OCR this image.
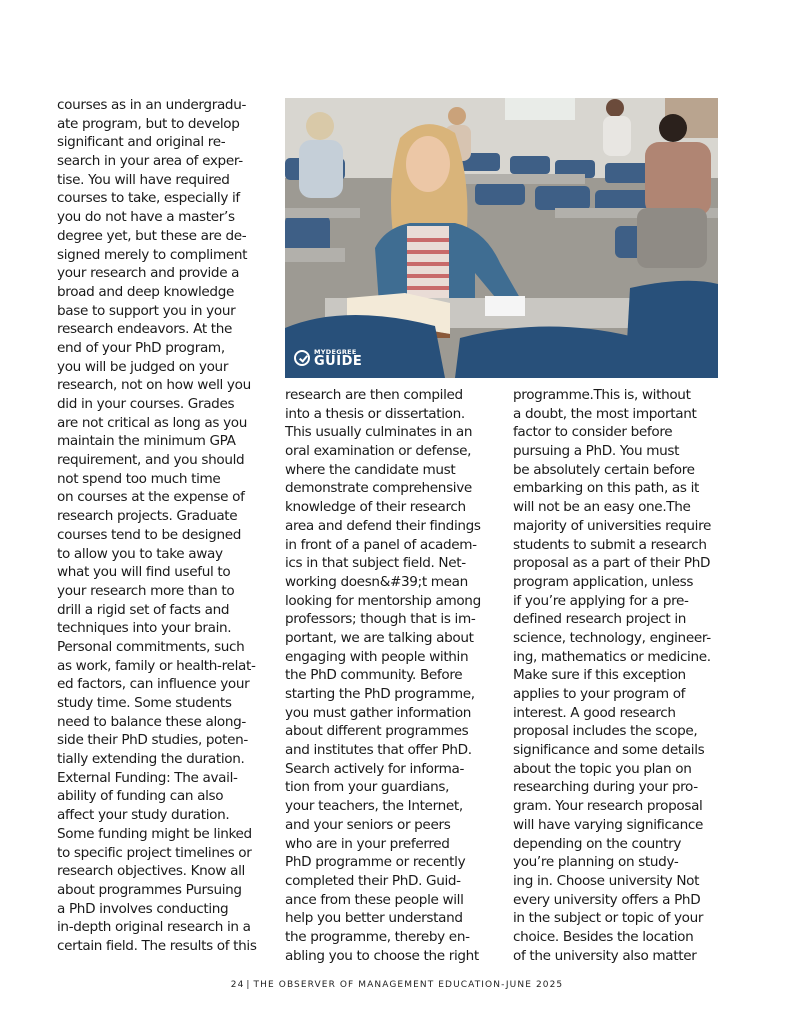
courses as in an undergradu-
ate program, but to develop
significant and original re-
search in your area of exper-
tise. You will have required
courses to take, especially if
you do not have a master’s
degree yet, but these are de-
signed merely to compliment
your research and provide a
broad and deep knowledge
base to support you in your
research endeavors. At the
end of your PhD program,
you will be judged on your
research, not on how well you
did in your courses. Grades
are not critical as long as you
maintain the minimum GPA
requirement, and you should
not spend too much time
on courses at the expense of
research projects. Graduate
courses tend to be designed
to allow you to take away
what you will find useful to
your research more than to
drill a rigid set of facts and
techniques into your brain.
Personal commitments, such
as work, family or health-relat-
ed factors, can influence your
study time. Some students
need to balance these along-
side their PhD studies, poten-
tially extending the duration.
External Funding: The avail-
ability of funding can also
affect your study duration.
Some funding might be linked
to specific project timelines or
research objectives. Know all
about programmes Pursuing
a PhD involves conducting
in-depth original research in a
certain field. The results of this
MYDEGREE
GUIDE
research are then compiled
into a thesis or dissertation.
This usually culminates in an
oral examination or defense,
where the candidate must
demonstrate comprehensive
knowledge of their research
area and defend their findings
in front of a panel of academ-
ics in that subject field. Net-
working doesn&#39;t mean
looking for mentorship among
professors; though that is im-
portant, we are talking about
engaging with people within
the PhD community. Before
starting the PhD programme,
you must gather information
about different programmes
and institutes that offer PhD.
Search actively for informa-
tion from your guardians,
your teachers, the Internet,
and your seniors or peers
who are in your preferred
PhD programme or recently
completed their PhD. Guid-
ance from these people will
help you better understand
the programme, thereby en-
abling you to choose the right
programme.This is, without
a doubt, the most important
factor to consider before
pursuing a PhD. You must
be absolutely certain before
embarking on this path, as it
will not be an easy one.The
majority of universities require
students to submit a research
proposal as a part of their PhD
program application, unless
if you’re applying for a pre-
defined research project in
science, technology, engineer-
ing, mathematics or medicine.
Make sure if this exception
applies to your program of
interest. A good research
proposal includes the scope,
significance and some details
about the topic you plan on
researching during your pro-
gram. Your research proposal
will have varying significance
depending on the country
you’re planning on study-
ing in. Choose university Not
every university offers a PhD
in the subject or topic of your
choice. Besides the location
of the university also matter
24 | THE OBSERVER OF MANAGEMENT EDUCATION-JUNE 2025
